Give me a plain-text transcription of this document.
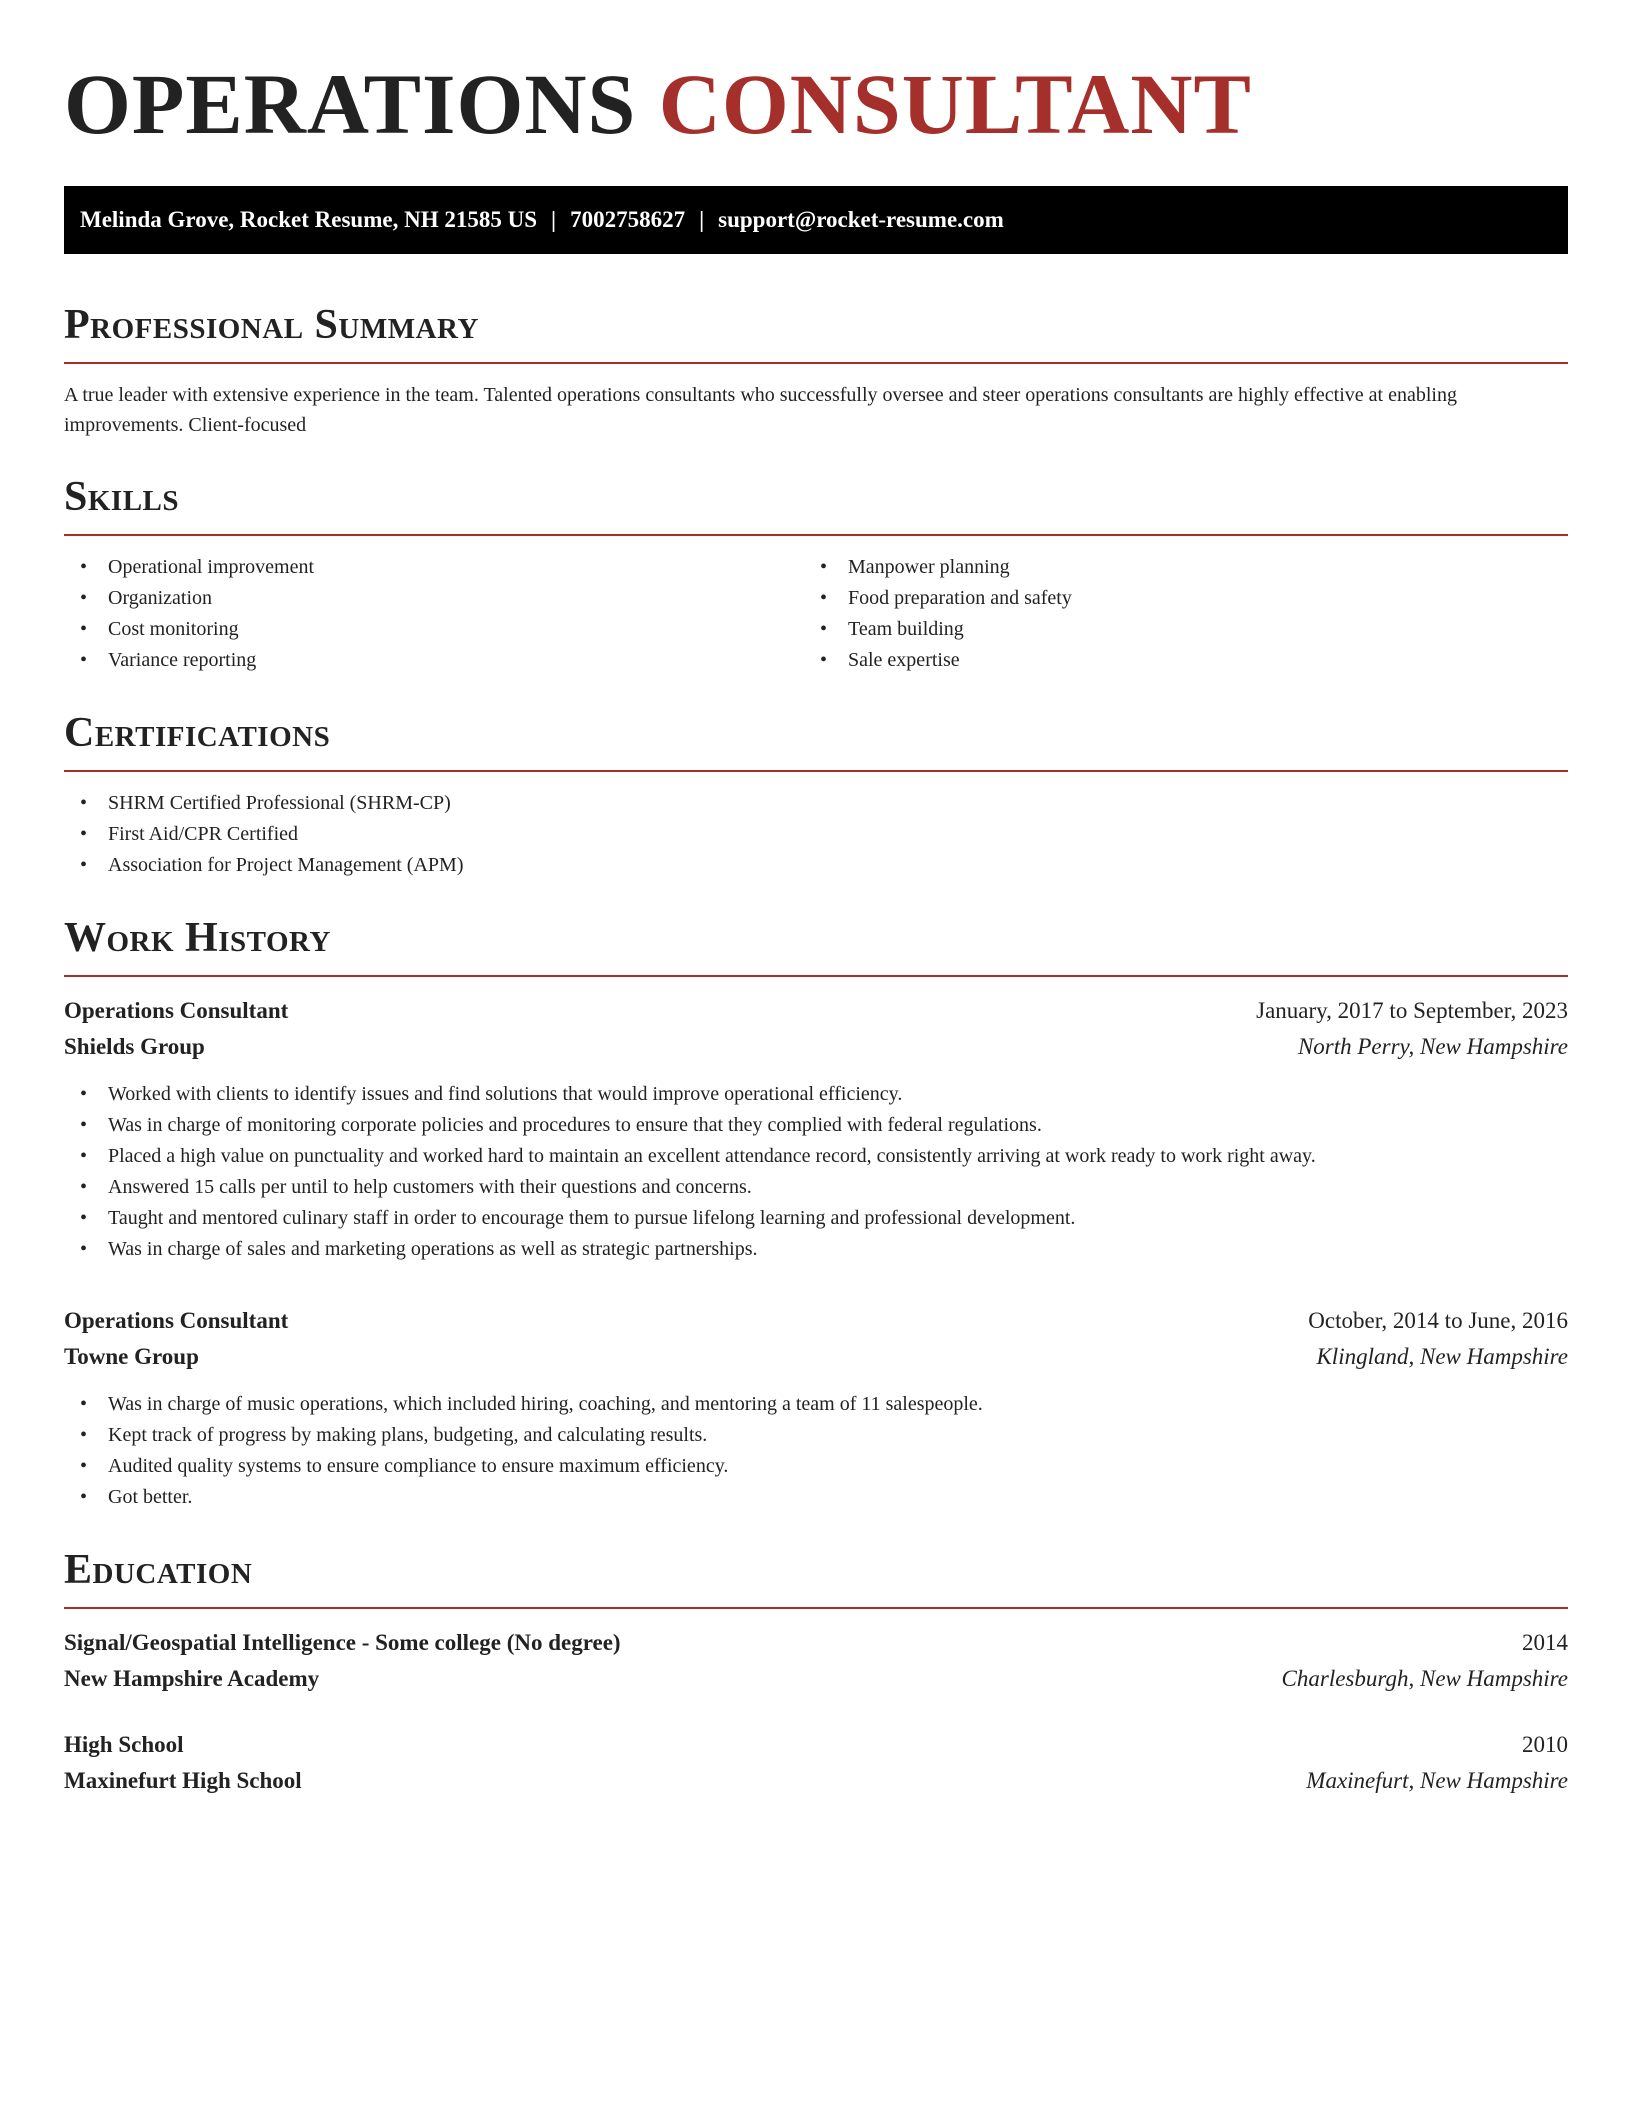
OPERATIONS CONSULTANT
Melinda Grove, Rocket Resume, NH 21585 US | 7002758627 | support@rocket-resume.com
Professional Summary

A true leader with extensive experience in the team. Talented operations consultants who successfully oversee and steer operations consultants are highly effective at enabling improvements. Client-focused

Skills
• Operational improvement
• Organization
• Cost monitoring
• Variance reporting
• Manpower planning
• Food preparation and safety
• Team building
• Sale expertise
Certifications
• SHRM Certified Professional (SHRM-CP)
• First Aid/CPR Certified
• Association for Project Management (APM)
Work History
Operations Consultant	January, 2017 to September, 2023
Shields Group	North Perry, New Hampshire
• Worked with clients to identify issues and find solutions that would improve operational efficiency.
• Was in charge of monitoring corporate policies and procedures to ensure that they complied with federal regulations.
• Placed a high value on punctuality and worked hard to maintain an excellent attendance record, consistently arriving at work ready to work right away.
• Answered 15 calls per until to help customers with their questions and concerns.
• Taught and mentored culinary staff in order to encourage them to pursue lifelong learning and professional development.
• Was in charge of sales and marketing operations as well as strategic partnerships.
Operations Consultant	October, 2014 to June, 2016
Towne Group	Klingland, New Hampshire
• Was in charge of music operations, which included hiring, coaching, and mentoring a team of 11 salespeople.
• Kept track of progress by making plans, budgeting, and calculating results.
• Audited quality systems to ensure compliance to ensure maximum efficiency.
• Got better.
Education
Signal/Geospatial Intelligence - Some college (No degree)	2014
New Hampshire Academy	Charlesburgh, New Hampshire
High School	2010
Maxinefurt High School	Maxinefurt, New Hampshire
